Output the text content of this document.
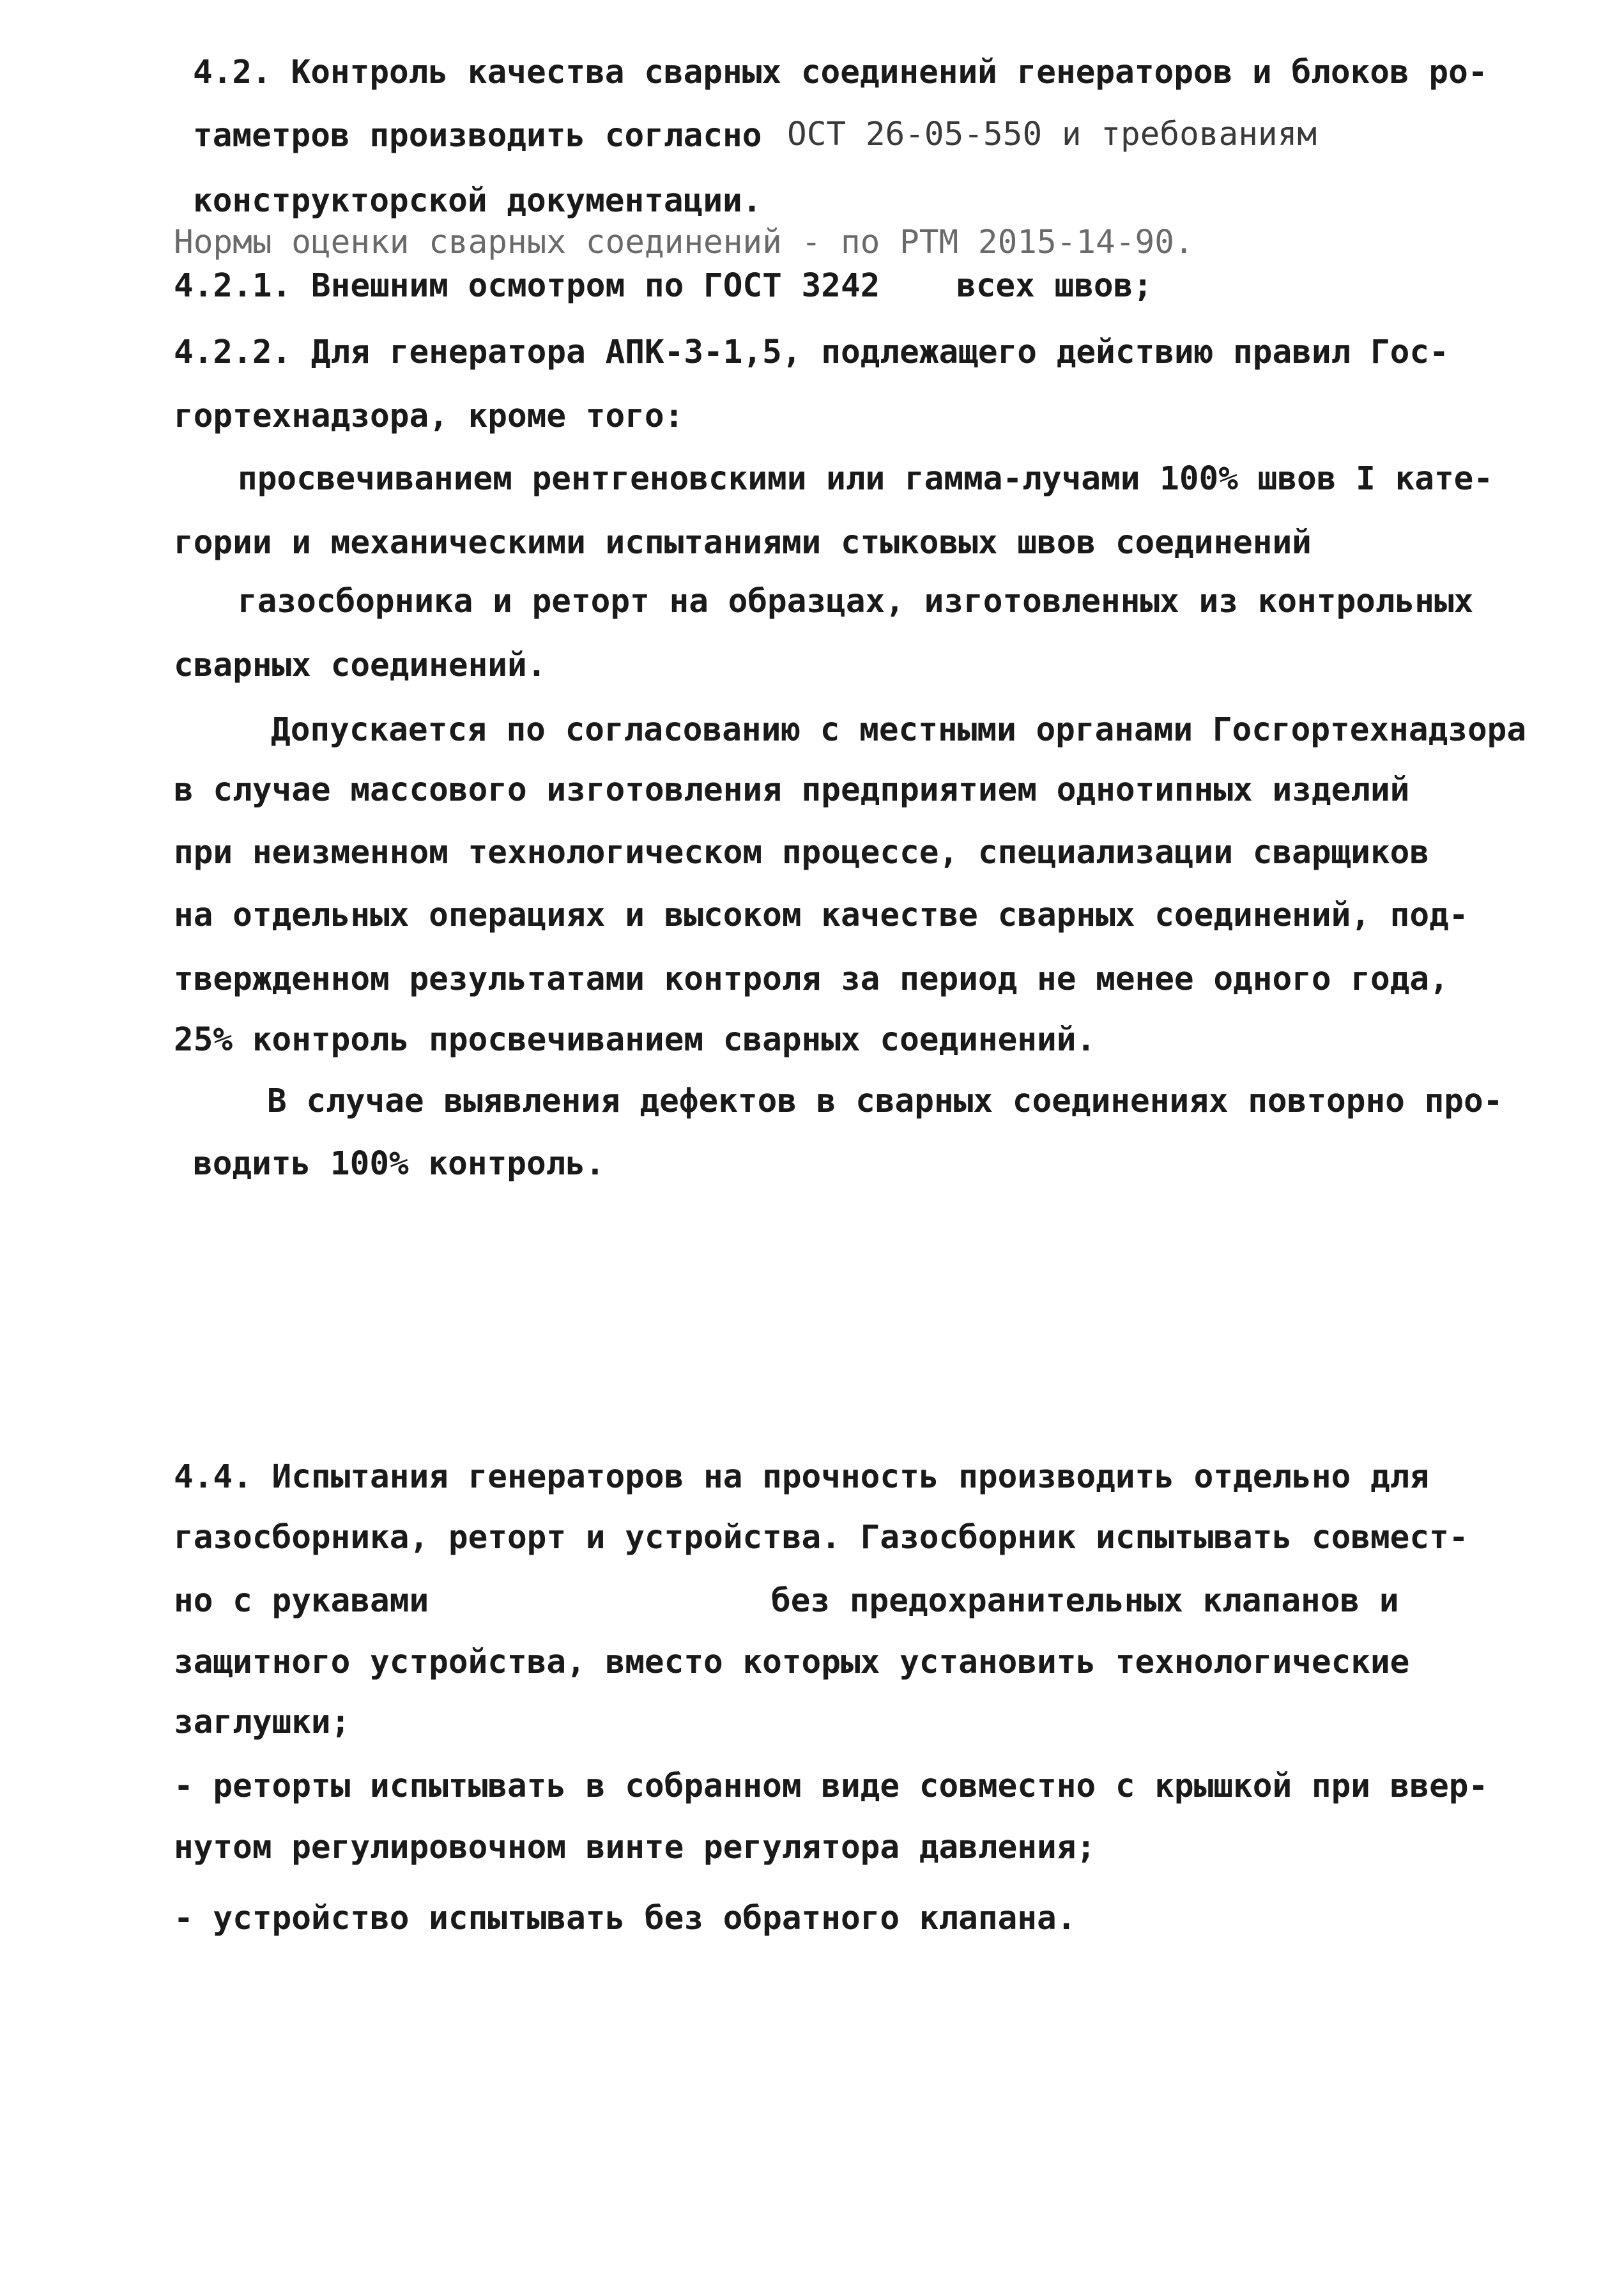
4.2. Контроль качества сварных соединений генераторов и блоков ро-
таметров производить согласно ОСТ 26-05-550 и требованиям
конструкторской документации.
Нормы оценки сварных соединений - по РТМ 2015-14-90.
4.2.1. Внешним осмотром по ГОСТ 3242 всех швов;
4.2.2. Для генератора АПК-3-1,5, подлежащего действию правил Гос-
гортехнадзора, кроме того:
просвечиванием рентгеновскими или гамма-лучами 100% швов I кате-
гории и механическими испытаниями стыковых швов соединений
газосборника и реторт на образцах, изготовленных из контрольных
сварных соединений.
Допускается по согласованию с местными органами Госгортехнадзора
в случае массового изготовления предприятием однотипных изделий
при неизменном технологическом процессе, специализации сварщиков
на отдельных операциях и высоком качестве сварных соединений, под-
твержденном результатами контроля за период не менее одного года,
25% контроль просвечиванием сварных соединений.
В случае выявления дефектов в сварных соединениях повторно про-
водить 100% контроль.
4.4. Испытания генераторов на прочность производить отдельно для
газосборника, реторт и устройства. Газосборник испытывать совмест-
но с рукавами	без предохранительных клапанов и
защитного устройства, вместо которых установить технологические
заглушки;
- реторты испытывать в собранном виде совместно с крышкой при ввер-
нутом регулировочном винте регулятора давления;
- устройство испытывать без обратного клапана.
